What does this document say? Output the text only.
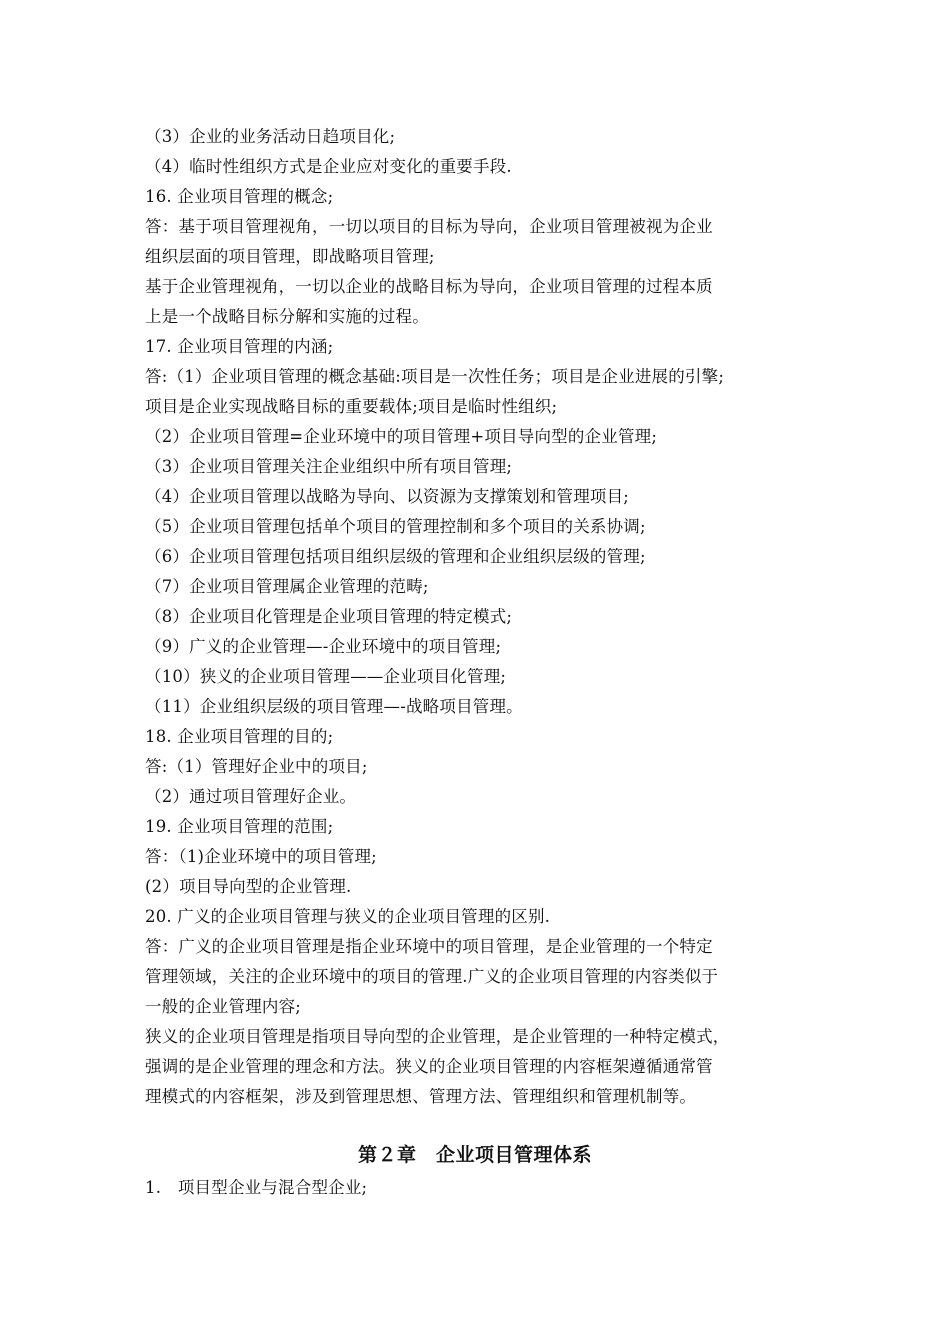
（3）企业的业务活动日趋项目化;
（4）临时性组织方式是企业应对变化的重要手段.
16. 企业项目管理的概念;
答：基于项目管理视角，一切以项目的目标为导向，企业项目管理被视为企业
组织层面的项目管理，即战略项目管理;
基于企业管理视角，一切以企业的战略目标为导向，企业项目管理的过程本质
上是一个战略目标分解和实施的过程。
17. 企业项目管理的内涵;
答:（1）企业项目管理的概念基础:项目是一次性任务；项目是企业进展的引擎;
项目是企业实现战略目标的重要载体;项目是临时性组织;
（2）企业项目管理=企业环境中的项目管理+项目导向型的企业管理;
（3）企业项目管理关注企业组织中所有项目管理;
（4）企业项目管理以战略为导向、以资源为支撑策划和管理项目;
（5）企业项目管理包括单个项目的管理控制和多个项目的关系协调;
（6）企业项目管理包括项目组织层级的管理和企业组织层级的管理;
（7）企业项目管理属企业管理的范畴;
（8）企业项目化管理是企业项目管理的特定模式;
（9）广义的企业管理—-企业环境中的项目管理;
（10）狭义的企业项目管理——企业项目化管理;
（11）企业组织层级的项目管理—-战略项目管理。
18. 企业项目管理的目的;
答:（1）管理好企业中的项目;
（2）通过项目管理好企业。
19. 企业项目管理的范围;
答：（1)企业环境中的项目管理;
(2）项目导向型的企业管理.
20. 广义的企业项目管理与狭义的企业项目管理的区别.
答：广义的企业项目管理是指企业环境中的项目管理，是企业管理的一个特定
管理领域，关注的企业环境中的项目的管理.广义的企业项目管理的内容类似于
一般的企业管理内容;
狭义的企业项目管理是指项目导向型的企业管理，是企业管理的一种特定模式，
强调的是企业管理的理念和方法。狭义的企业项目管理的内容框架遵循通常管
理模式的内容框架，涉及到管理思想、管理方法、管理组织和管理机制等。
第２章　企业项目管理体系
1.　项目型企业与混合型企业;
